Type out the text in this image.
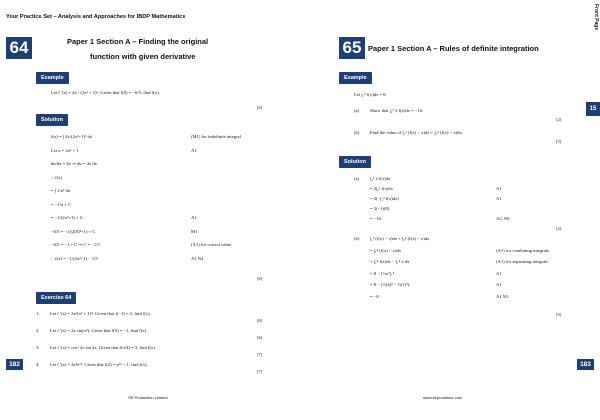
Your Practice Set – Analysis and Approaches for IBDP Mathematics	Front Page
15
64	Paper 1 Section A – Finding the original
function with given derivative
Example
Let f ′(x) = 4x / (2x² + 1)². Given that f(0) = −6/5, find f(x).
[6]
Solution
f(x) = ∫ 4x/(2x²+1)² dx	(M1) for indefinite integral
Let u = 2x² + 1	A1
du/dx = 4x ⇒ du = 4x dx
∴ f(x)
= ∫ 1/u² du
= −1/u + C
= −1/(2x²+1) + C	A1
−6/5 = −1/(2(0)²+1) + C	M1
−6/5 = −1 + C ⇒ C = −1/5	(A1) for correct value
∴ f(x) = −1/(2x²+1) − 1/5	A1 N4
[6]
Exercise 64
1. Let f ′(x) = 3x²(x³ + 1)⁴. Given that f(−1) = 2, find f(x).
[6]
2. Let f ′(x) = 2x sin(x²). Given that f(0) = −1, find f(x).
[6]
3. Let f ′(x) = cos³ 2x sin 2x. Given that f(π/4) = 3, find f(x).
[7]
4. Let f ′(x) = 4x³eˣ⁴. Given that f(2) = e¹⁶ − 1, find f(x).
[7]
182
SE Production Limited
65 Paper 1 Section A – Rules of definite integration
Example
Let ∫₁⁴ f(x)dx = 8.
(a) Show that ∫₄¹ 2 f(x)dx = −16.
[2]
(b) Find the value of ∫₁³ (f(x) − x)dx + ∫₃⁴ (f(x) − x)dx.
[5]
Solution
(a) ∫₄¹ 2 f(x)dx
= 2∫₄¹ f(x)dx	A1
= 2(−∫₁⁴ f(x)dx)	A1
= 2(−1)(8)
= −16	AG N0
[2]
(b) ∫₁³ (f(x) − x)dx + ∫₃⁴ (f(x) − x)dx
= ∫₁⁴ (f(x) − x)dx	(A1) for combining integrals
= ∫₁⁴ f(x)dx − ∫₁⁴ x dx	(A1) for separating integrals
= 8 − [½x²]₁⁴	A1
= 8 − (½(4)² − ½(1)²)	A1
= −8	A1 N3
[5]
183
www.seprodstore.com
